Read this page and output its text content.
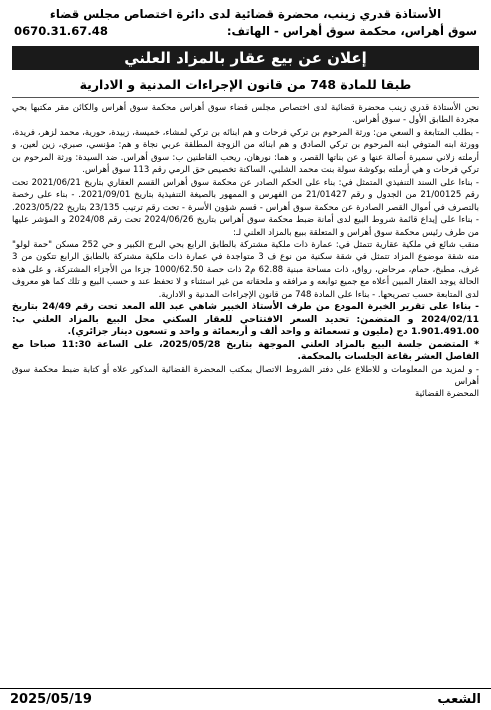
الأستاذة قدري زينب، محضرة قضائية لدى دائرة اختصاص مجلس قضاء
سوق أهراس، محكمة سوق أهراس - الهاتف:
0670.31.67.48
إعلان عن بيع عقار بالمزاد العلني
طبقا للمادة 748 من قانون الإجراءات المدنية و الادارية

نحن الأستاذة قدري زينب محضرة قضائية لدى اختصاص مجلس قضاء سوق أهراس محكمة سوق أهراس والكائن مقر مكتبها بحي مجردة الطابق الأول - سوق أهراس.

- بطلب المتابعة و السعي من: ورثة المرحوم بن تركي فرحات و هم ابنائه بن تركي لمشاء، خميسة، زبيدة، حورية، محمد لزهر، فريدة، وورثة ابنه المتوفي ابنه المرحوم بن تركي الصادق و هم ابنائه من الزوجة المطلقة عربي نجاة و هم: مؤنسي، صبري، زين لعين، و أرملته زلاني سميرة أصالة عنها و عن بناتها القصر، و هما: نورهان، ريحب القاطنين ب: سوق أهراس. ضد السيدة: ورثة المرحوم بن تركي فرحات و هي أرملته بوكوشة سولة بنت محمد الشلبي، الساكنة تخصيص حق الرمي رقم 113 سوق أهراس.

- بناءا على السند التنفيذي المتمثل في: بناء على الحكم الصادر عن محكمة سوق أهراس القسم العقاري بتاريخ 2021/06/21 تحت رقم 21/00125 من الجدول و رقم 21/01427 من الفهرس و الممهور بالصيغة التنفيذية بتاريخ 2021/09/01. - بناء على رخصة بالتصرف في أموال القصر الصادرة عن محكمة سوق أهراس - قسم شؤون الأسرة - تحت رقم ترتيب 23/135 بتاريخ 2023/05/22. - بناءا على إيداع قائمة شروط البيع لدى أمانة ضبط محكمة سوق أهراس بتاريخ 2024/06/26 تحت رقم 2024/08 و المؤشر عليها من طرف رئيس محكمة سوق أهراس و المتعلقة ببيع بالمزاد العلني لـ:

منقب شائع في ملكية عقارية تتمثل في: عمارة ذات ملكية مشتركة بالطابق الرابع بحي البرج الكبير و حي 252 مسكن "حمة لولو" منه شقة موضوع المزاد تتمثل في شقة سكنية من نوع ف 3 متواجدة في عمارة ذات ملكية مشتركة بالطابق الرابع تتكون من 3 غرف، مطبخ، حمام، مرحاض، رواق، ذات مساحة مبنية 62.88 م2 ذات حصة 1000/62.50 جزءا من الأجزاء المشتركة، و على هذه الحالة يوجد العقار المبين أعلاه مع جميع توابعه و مرافقه و ملحقاته من غير استثناء و لا تحفظ عند و حسب البيع و تلك كما هو معروف لدى المتابعة حسب تصريحها. - بناءا على المادة 748 من قانون الإجراءات المدنية و الادارية.

- بناءا على تقرير الخبرة المودع من طرف الأستاذ الخبير شاهي عبد الله المعد تحت رقم 24/49 بتاريخ 2024/02/11 و المتضمن: تحديد السعر الافتتاحي للعقار السكني محل البيع بالمزاد العلني ب: 1.901.491.00 دج (مليون و تسعمائة و واحد ألف و أربعمائة و واحد و تسعون دينار جزائري).

* المتضمن جلسة البيع بالمزاد العلني الموجهة بتاريخ 2025/05/28، على الساعة 11:30 صباحا مع الفاصل العشر بقاعة الجلسات بالمحكمة.

- و لمزيد من المعلومات و للاطلاع على دفتر الشروط الاتصال بمكتب المحضرة القضائية المذكور علاه أو كتابة ضبط محكمة سوق أهراس

المحضرة القضائية
الشعب
2025/05/19
